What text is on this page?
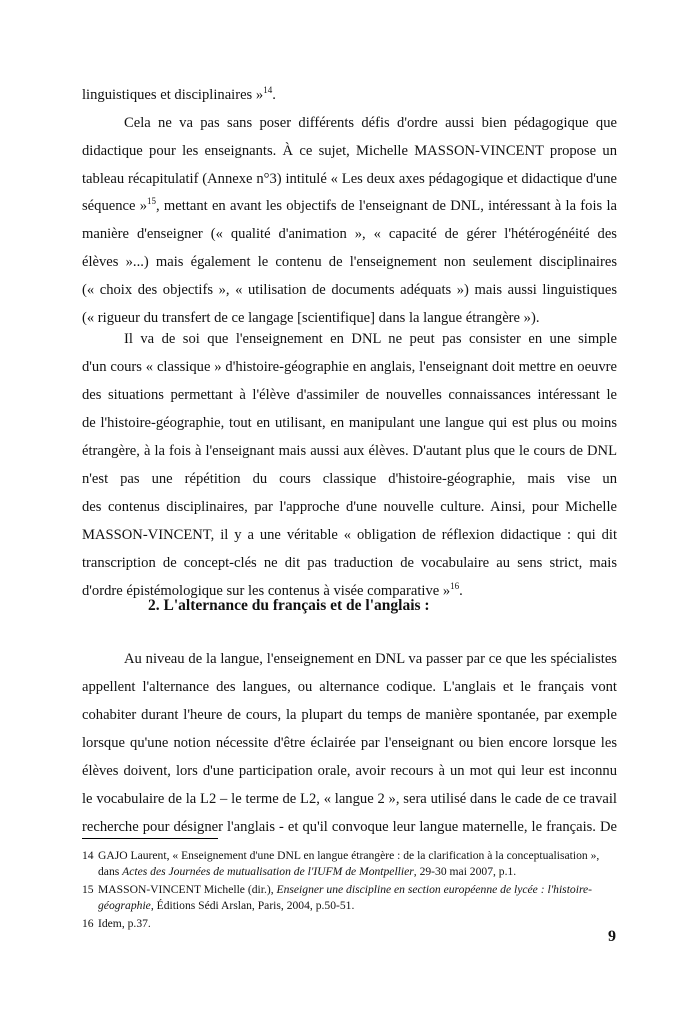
linguistiques et disciplinaires »$^{14}$.
Cela ne va pas sans poser différents défis d'ordre aussi bien pédagogique que
didactique pour les enseignants. À ce sujet, Michelle MASSON-VINCENT propose un
tableau récapitulatif (Annexe n°3) intitulé « Les deux axes pédagogique et didactique d'une
séquence »$^{15}$, mettant en avant les objectifs de l'enseignant de DNL, intéressant à la fois la
manière d'enseigner (« qualité d'animation », « capacité de gérer l'hétérogénéité des
élèves »...) mais également le contenu de l'enseignement non seulement disciplinaires
(« choix des objectifs », « utilisation de documents adéquats ») mais aussi linguistiques
(« rigueur du transfert de ce langage [scientifique] dans la langue étrangère »).
Il va de soi que l'enseignement en DNL ne peut pas consister en une simple
d'un cours « classique » d'histoire-géographie en anglais, l'enseignant doit mettre en oeuvre
des situations permettant à l'élève d'assimiler de nouvelles connaissances intéressant le
de l'histoire-géographie, tout en utilisant, en manipulant une langue qui est plus ou moins
étrangère, à la fois à l'enseignant mais aussi aux élèves. D'autant plus que le cours de DNL
n'est pas une répétition du cours classique d'histoire-géographie, mais vise un
des contenus disciplinaires, par l'approche d'une nouvelle culture. Ainsi, pour Michelle
MASSON-VINCENT, il y a une véritable « obligation de réflexion didactique : qui dit
transcription de concept-clés ne dit pas traduction de vocabulaire au sens strict, mais
d'ordre épistémologique sur les contenus à visée comparative »$^{16}$.
Au niveau de la langue, l'enseignement en DNL va passer par ce que les spécialistes
appellent l'alternance des langues, ou alternance codique. L'anglais et le français vont
cohabiter durant l'heure de cours, la plupart du temps de manière spontanée, par exemple
lorsque qu'une notion nécessite d'être éclairée par l'enseignant ou bien encore lorsque les
élèves doivent, lors d'une participation orale, avoir recours à un mot qui leur est inconnu
le vocabulaire de la L2 – le terme de L2, « langue 2 », sera utilisé dans le cade de ce travail
recherche pour désigner l'anglais - et qu'il convoque leur langue maternelle, le français. De
2. L'alternance du français et de l'anglais :
14 GAJO Laurent, « Enseignement d'une DNL en langue étrangère : de la clarification à la conceptualisation »,
dans Actes des Journées de mutualisation de l'IUFM de Montpellier, 29-30 mai 2007, p.1.
15 MASSON-VINCENT Michelle (dir.), Enseigner une discipline en section européenne de lycée : l'histoire-
géographie, Éditions Sédi Arslan, Paris, 2004, p.50-51.
16 Idem, p.37.
9
